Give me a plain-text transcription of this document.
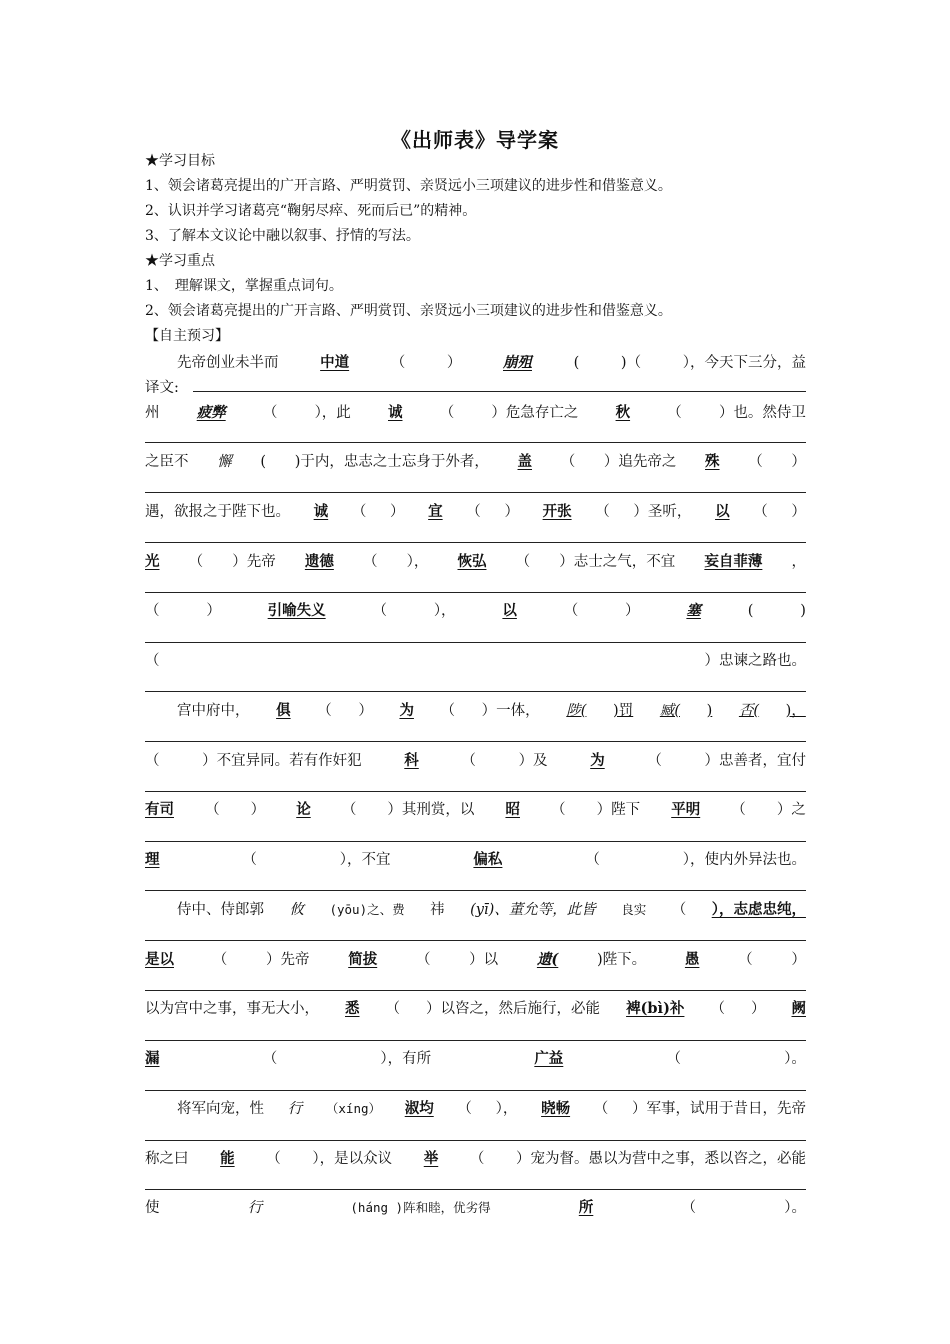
《出师表》导学案
★学习目标
1、领会诸葛亮提出的广开言路、严明赏罚、亲贤远小三项建议的进步性和借鉴意义。
2、认识并学习诸葛亮“鞠躬尽瘁、死而后已”的精神。
3、了解本文议论中融以叙事、抒情的写法。
★学习重点
1、　理解课文，掌握重点词句。
2、领会诸葛亮提出的广开言路、严明赏罚、亲贤远小三项建议的进步性和借鉴意义。
【自主预习】
先帝创业未半而	中道	（	）	崩殂	(	)（	），今天下三分，益
州	疲弊	（	），此	诚	（	）危急存亡之	秋	（	）也。然侍卫
之臣不 懈 ( )于内，忠志之士忘身于外者， 盖 （ ）追先帝之 殊 （ ）
遇，欲报之于陛下也。 诚 （ ） 宜 （ ） 开张 （ ）圣听， 以 （ ）
光 （ ）先帝 遗德 （ ）， 恢弘 （ ）志士之气，不宜 妄自菲薄 ，
（	）	引喻失义	（	），	以	（	）	塞	(	)
（	）忠谏之路也。
宫中府中， 俱 （ ） 为 （ ）一体， 陟( )罚 臧( ) 否( )，
（	）不宜异同。若有作奸犯	科	（	）及	为	（	）忠善者，宜付
有司 （ ） 论 （ ）其刑赏，以 昭 （ ）陛下 平明 （ ）之
理	（	），不宜	偏私	（	），使内外异法也。
侍中、侍郎郭 攸 (yōu)之、费 祎 (yī)、董允等，此皆 良实 （ ），志虑忠纯，
是以	（	）先帝	简拔	（	）以	遗(	)陛下。	愚	（	）
以为宫中之事，事无大小， 悉 （ ）以咨之，然后施行，必能 裨(bì)补 （ ） 阙
漏	（	），有所	广益	（	）。
将军向宠，性 行 （xíng） 淑均 （ ）， 晓畅 （ ）军事，试用于昔日，先帝
称之曰 能 （ ），是以众议 举 （ ）宠为督。愚以为营中之事，悉以咨之，必能
使	行	(háng )阵和睦，优劣得	所	（	）。
译文:
